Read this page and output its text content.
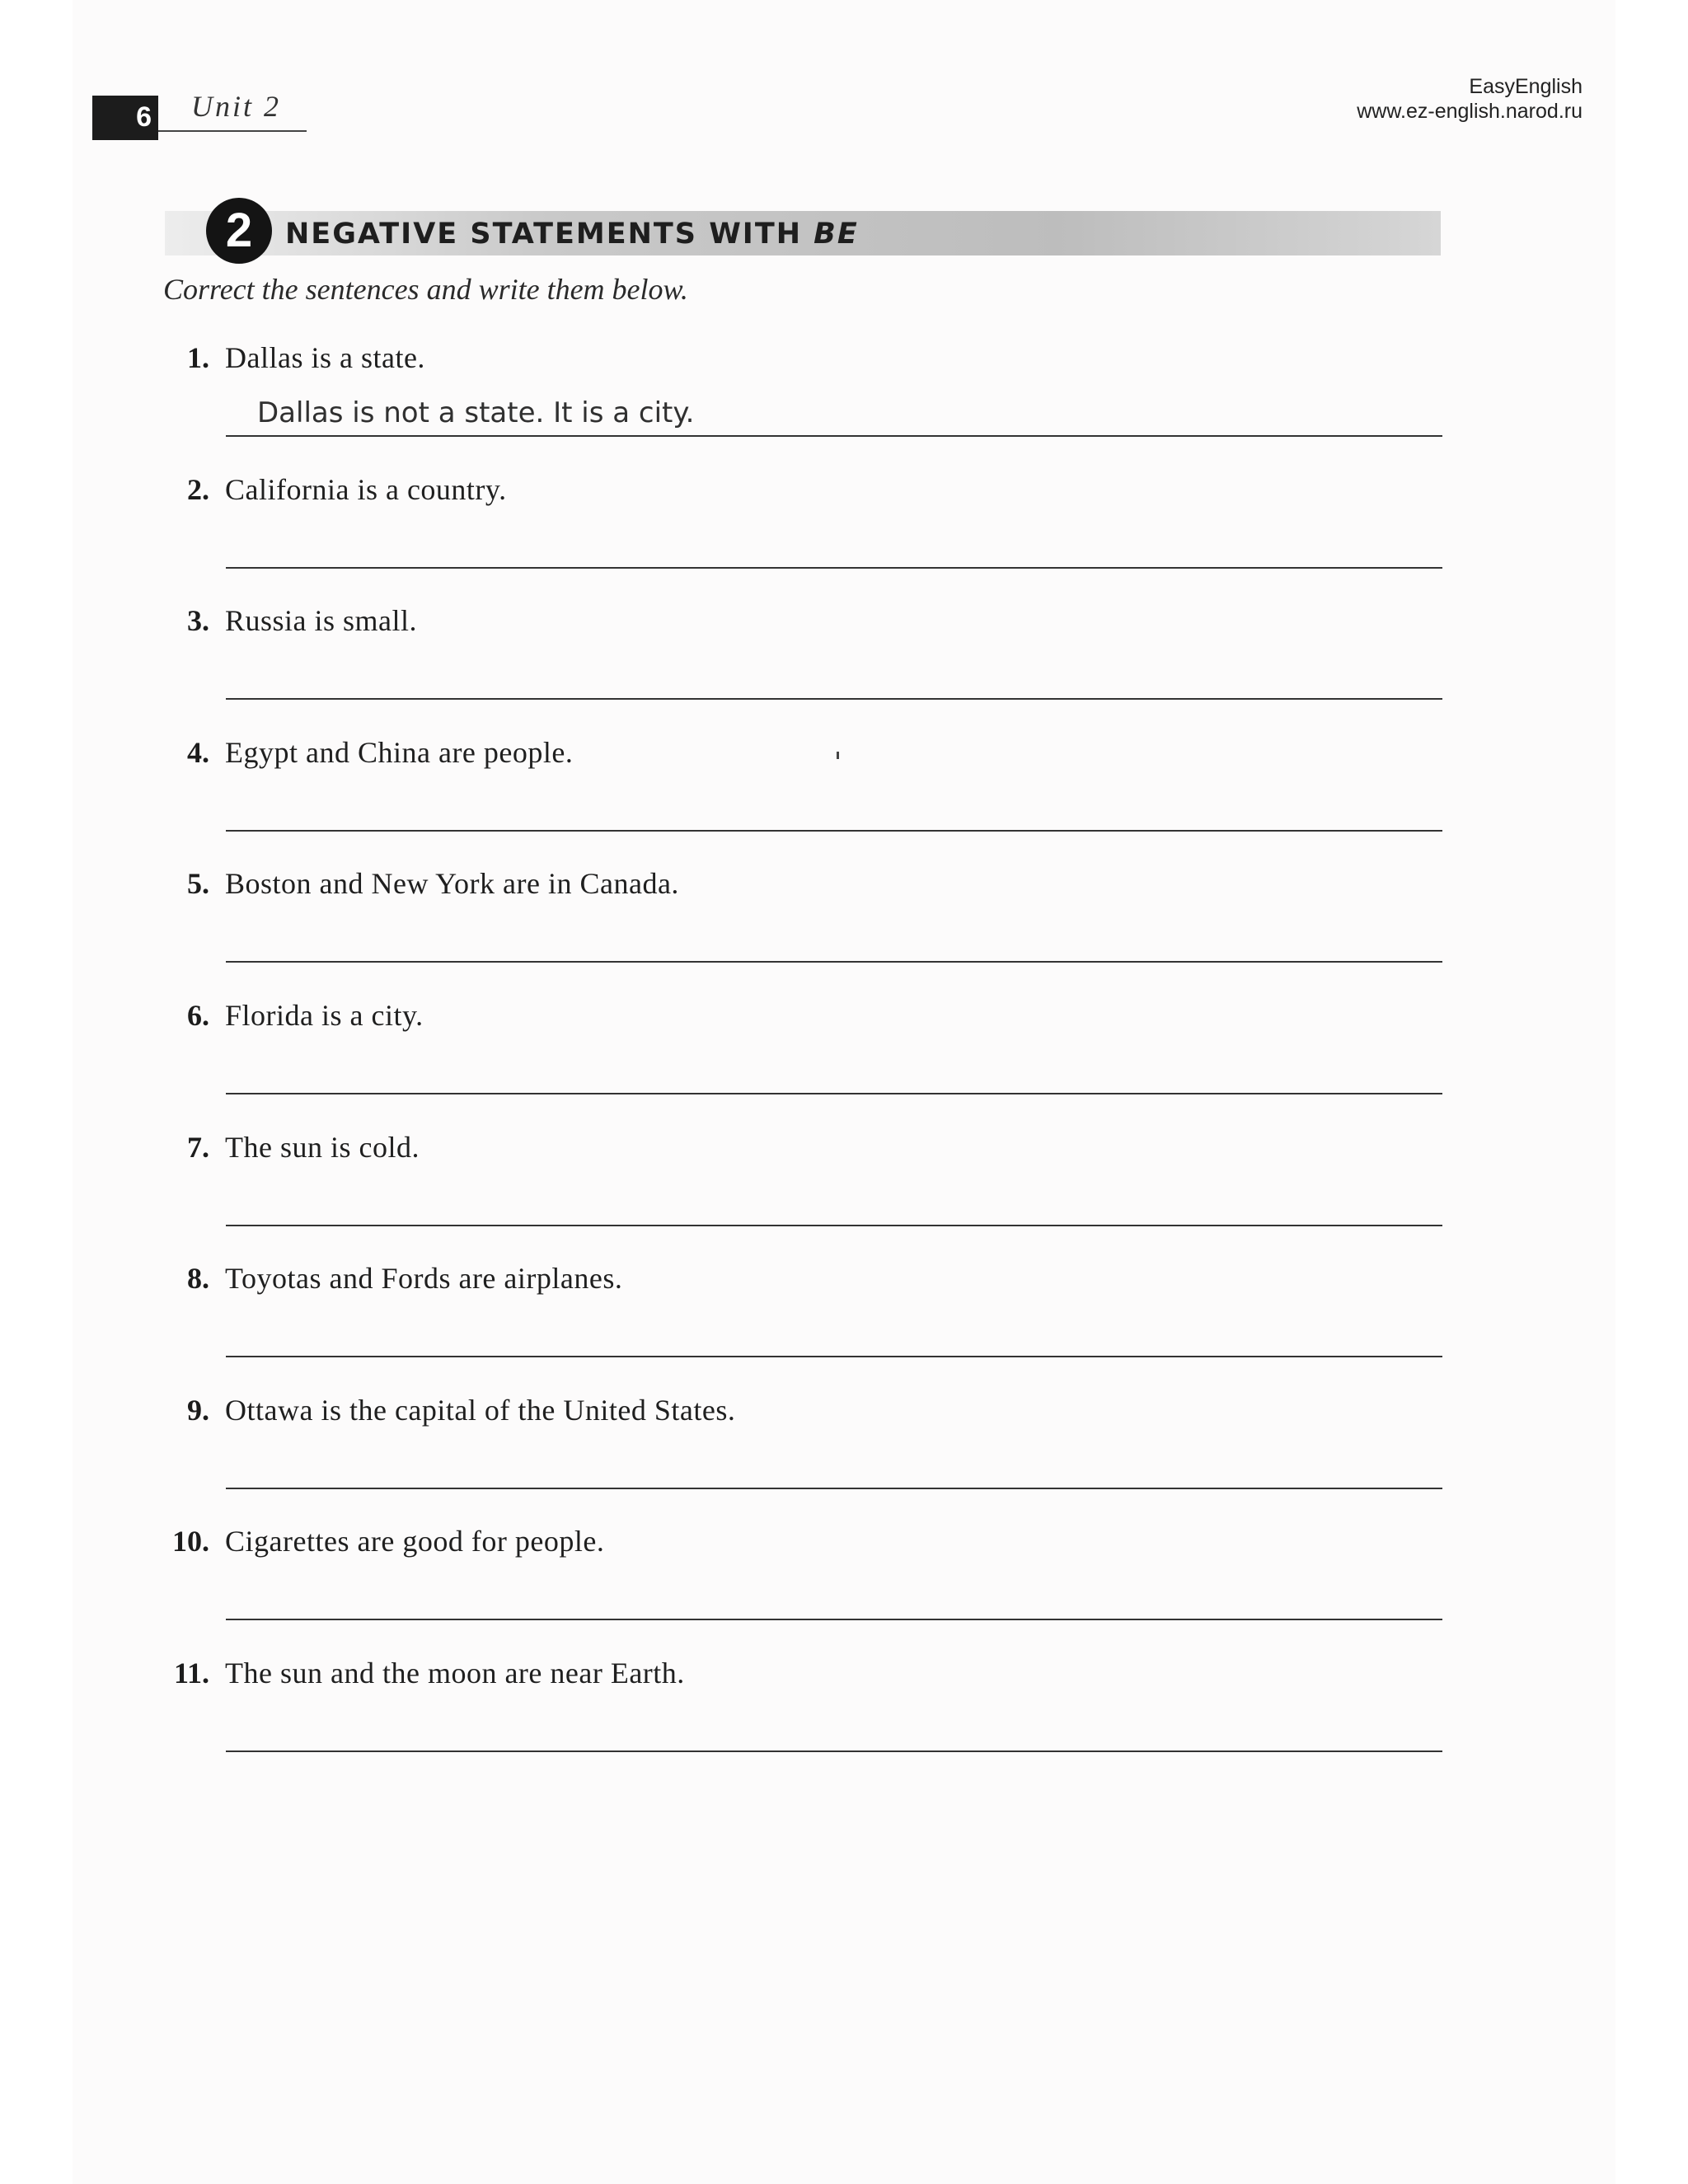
6 Unit 2
EasyEnglish
www.ez-english.narod.ru
2	NEGATIVE STATEMENTS WITH BE
Correct the sentences and write them below.
1. Dallas is a state.
Dallas is not a state. It is a city.
2. California is a country.
3. Russia is small.
4. Egypt and China are people.
5. Boston and New York are in Canada.
6. Florida is a city.
7. The sun is cold.
8. Toyotas and Fords are airplanes.
9. Ottawa is the capital of the United States.
10. Cigarettes are good for people.
11. The sun and the moon are near Earth.
